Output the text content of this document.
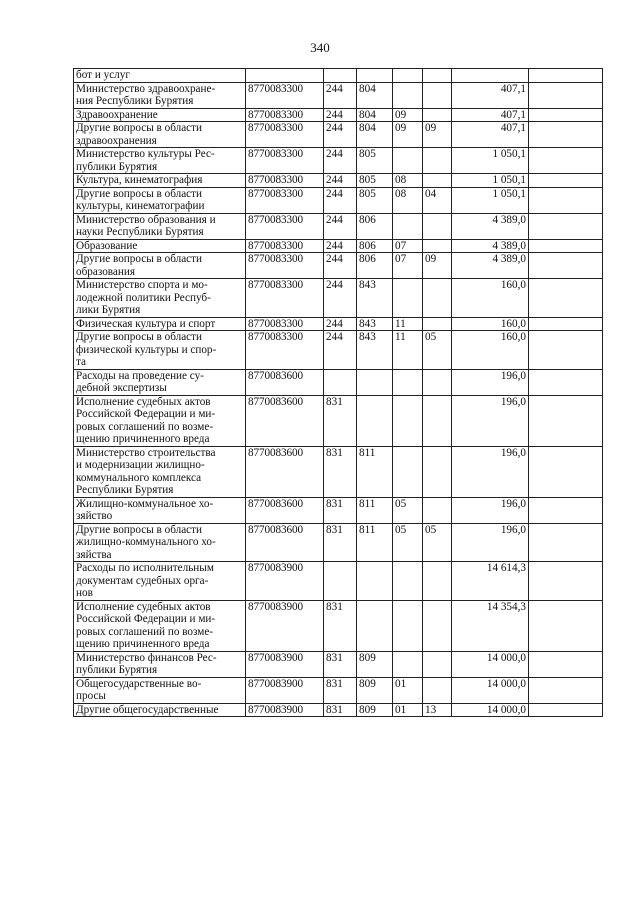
340
бот и услуг							

Министерство здравоохране-
ния Республики Бурятия	8770083300	244	804			407,1	

Здравоохранение	8770083300	244	804	09		407,1	

Другие вопросы в области
здравоохранения	8770083300	244	804	09	09	407,1	

Министерство культуры Рес-
публики Бурятия	8770083300	244	805			1 050,1	

Культура, кинематография	8770083300	244	805	08		1 050,1	

Другие вопросы в области
культуры, кинематографии	8770083300	244	805	08	04	1 050,1	

Министерство образования и
науки Республики Бурятия	8770083300	244	806			4 389,0	

Образование	8770083300	244	806	07		4 389,0	

Другие вопросы в области
образования	8770083300	244	806	07	09	4 389,0	

Министерство спорта и мо-
лодежной политики Респуб-
лики Бурятия	8770083300	244	843			160,0	

Физическая культура и спорт	8770083300	244	843	11		160,0	

Другие вопросы в области
физической культуры и спор-
та	8770083300	244	843	11	05	160,0	

Расходы на проведение су-
дебной экспертизы	8770083600					196,0	

Исполнение судебных актов
Российской Федерации и ми-
ровых соглашений по возме-
щению причиненного вреда	8770083600	831				196,0	

Министерство строительства
и модернизации жилищно-
коммунального комплекса
Республики Бурятия	8770083600	831	811			196,0	

Жилищно-коммунальное хо-
зяйство	8770083600	831	811	05		196,0	

Другие вопросы в области
жилищно-коммунального хо-
зяйства	8770083600	831	811	05	05	196,0	

Расходы по исполнительным
документам судебных орга-
нов	8770083900					14 614,3	

Исполнение судебных актов
Российской Федерации и ми-
ровых соглашений по возме-
щению причиненного вреда	8770083900	831				14 354,3	

Министерство финансов Рес-
публики Бурятия	8770083900	831	809			14 000,0	

Общегосударственные во-
просы	8770083900	831	809	01		14 000,0	

Другие общегосударственные	8770083900	831	809	01	13	14 000,0	
